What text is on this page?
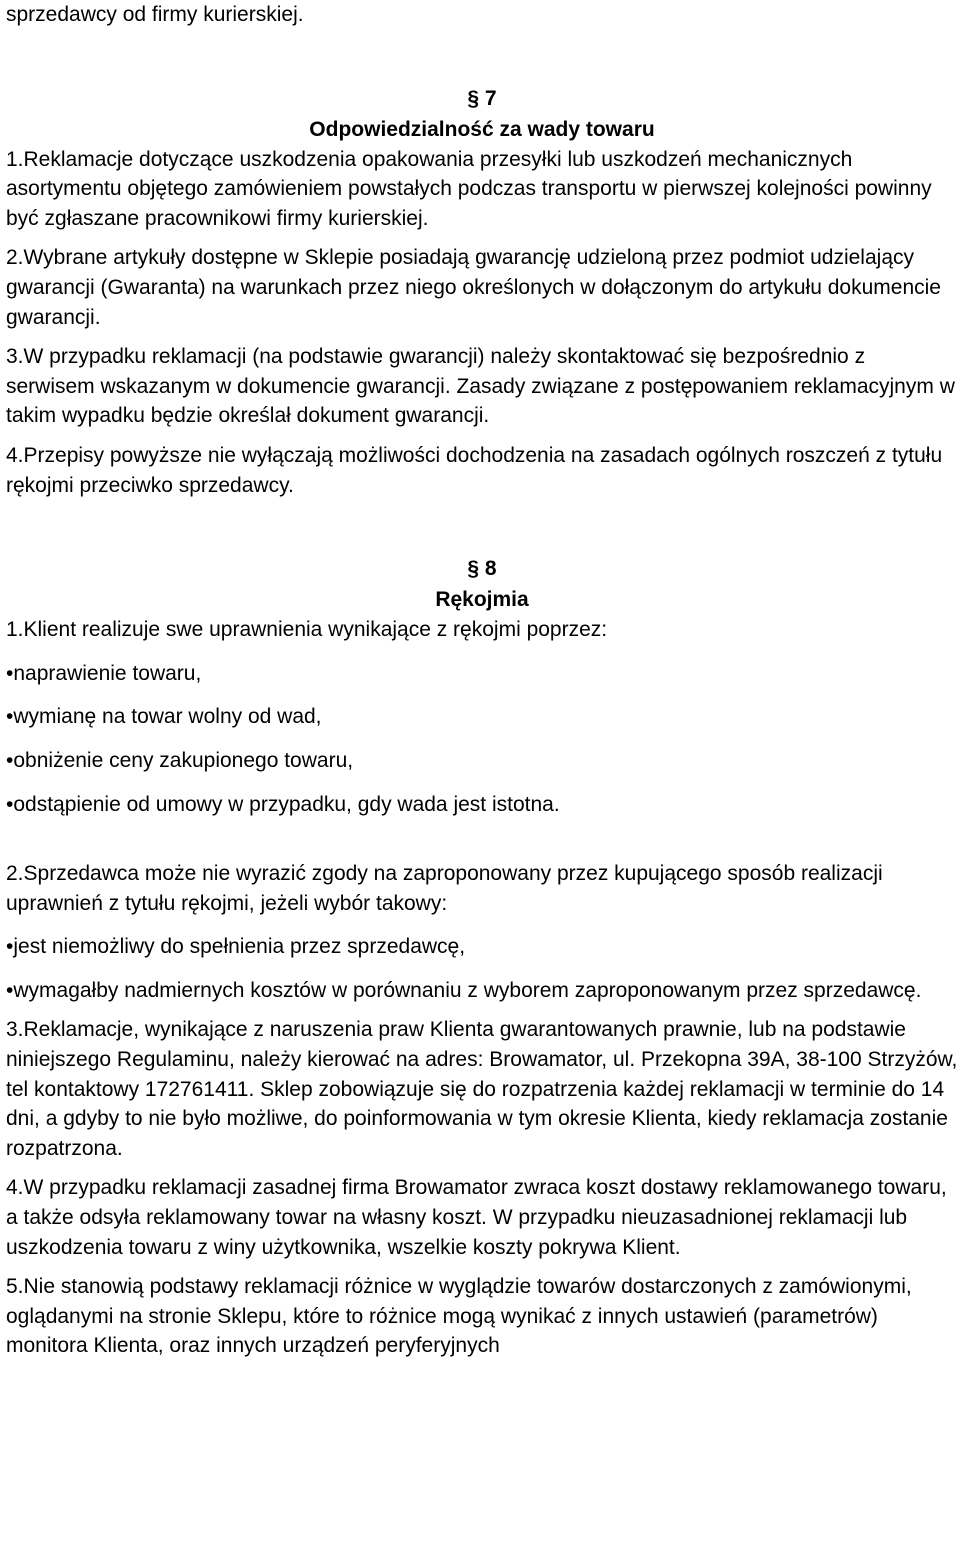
sprzedawcy od firmy kurierskiej.

§ 7
Odpowiedzialność za wady towaru

1.Reklamacje dotyczące uszkodzenia opakowania przesyłki lub uszkodzeń mechanicznych asortymentu objętego zamówieniem powstałych podczas transportu w pierwszej kolejności powinny być zgłaszane pracownikowi firmy kurierskiej.

2.Wybrane artykuły dostępne w Sklepie posiadają gwarancję udzieloną przez podmiot udzielający gwarancji (Gwaranta) na warunkach przez niego określonych w dołączonym do artykułu dokumencie gwarancji.

3.W przypadku reklamacji (na podstawie gwarancji) należy skontaktować się bezpośrednio z serwisem wskazanym w dokumencie gwarancji. Zasady związane z postępowaniem reklamacyjnym w takim wypadku będzie określał dokument gwarancji.

4.Przepisy powyższe nie wyłączają możliwości dochodzenia na zasadach ogólnych roszczeń z tytułu rękojmi przeciwko sprzedawcy.

§ 8
Rękojmia

1.Klient realizuje swe uprawnienia wynikające z rękojmi poprzez:

•naprawienie towaru,

•wymianę na towar wolny od wad,

•obniżenie ceny zakupionego towaru,

•odstąpienie od umowy w przypadku, gdy wada jest istotna.

2.Sprzedawca może nie wyrazić zgody na zaproponowany przez kupującego sposób realizacji uprawnień z tytułu rękojmi, jeżeli wybór takowy:

•jest niemożliwy do spełnienia przez sprzedawcę,

•wymagałby nadmiernych kosztów w porównaniu z wyborem zaproponowanym przez sprzedawcę.

3.Reklamacje, wynikające z naruszenia praw Klienta gwarantowanych prawnie, lub na podstawie niniejszego Regulaminu, należy kierować na adres: Browamator, ul. Przekopna 39A, 38-100 Strzyżów, tel kontaktowy 172761411. Sklep zobowiązuje się do rozpatrzenia każdej reklamacji w terminie do 14 dni, a gdyby to nie było możliwe, do poinformowania w tym okresie Klienta, kiedy reklamacja zostanie rozpatrzona.

4.W przypadku reklamacji zasadnej firma Browamator zwraca koszt dostawy reklamowanego towaru, a także odsyła reklamowany towar na własny koszt. W przypadku nieuzasadnionej reklamacji lub uszkodzenia towaru z winy użytkownika, wszelkie koszty pokrywa Klient.

5.Nie stanowią podstawy reklamacji różnice w wyglądzie towarów dostarczonych z zamówionymi, oglądanymi na stronie Sklepu, które to różnice mogą wynikać z innych ustawień (parametrów) monitora Klienta, oraz innych urządzeń peryferyjnych
